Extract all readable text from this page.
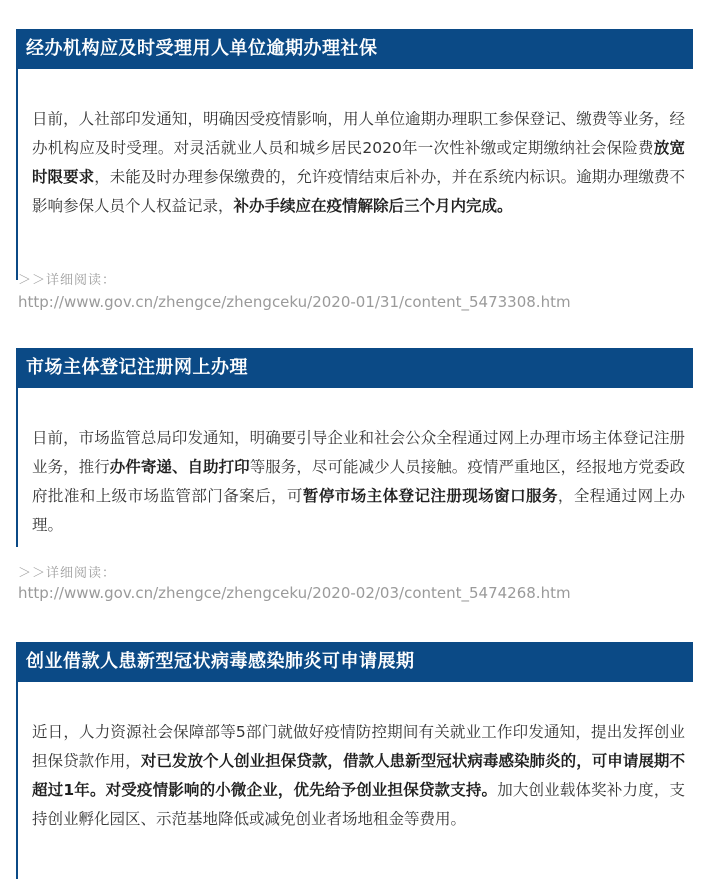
经办机构应及时受理用人单位逾期办理社保

日前，人社部印发通知，明确因受疫情影响，用人单位逾期办理职工参保登记、缴费等业务，经办机构应及时受理。对灵活就业人员和城乡居民2020年一次性补缴或定期缴纳社会保险费放宽时限要求，未能及时办理参保缴费的，允许疫情结束后补办，并在系统内标识。逾期办理缴费不影响参保人员个人权益记录，补办手续应在疫情解除后三个月内完成。

＞＞详细阅读：
http://www.gov.cn/zhengce/zhengceku/2020-01/31/content_5473308.htm
市场主体登记注册网上办理

日前，市场监管总局印发通知，明确要引导企业和社会公众全程通过网上办理市场主体登记注册业务，推行办件寄递、自助打印等服务，尽可能减少人员接触。疫情严重地区，经报地方党委政府批准和上级市场监管部门备案后，可暂停市场主体登记注册现场窗口服务，全程通过网上办理。

＞＞详细阅读：
http://www.gov.cn/zhengce/zhengceku/2020-02/03/content_5474268.htm
创业借款人患新型冠状病毒感染肺炎可申请展期

近日，人力资源社会保障部等5部门就做好疫情防控期间有关就业工作印发通知，提出发挥创业担保贷款作用，对已发放个人创业担保贷款，借款人患新型冠状病毒感染肺炎的，可申请展期不超过1年。对受疫情影响的小微企业，优先给予创业担保贷款支持。加大创业载体奖补力度，支持创业孵化园区、示范基地降低或减免创业者场地租金等费用。
